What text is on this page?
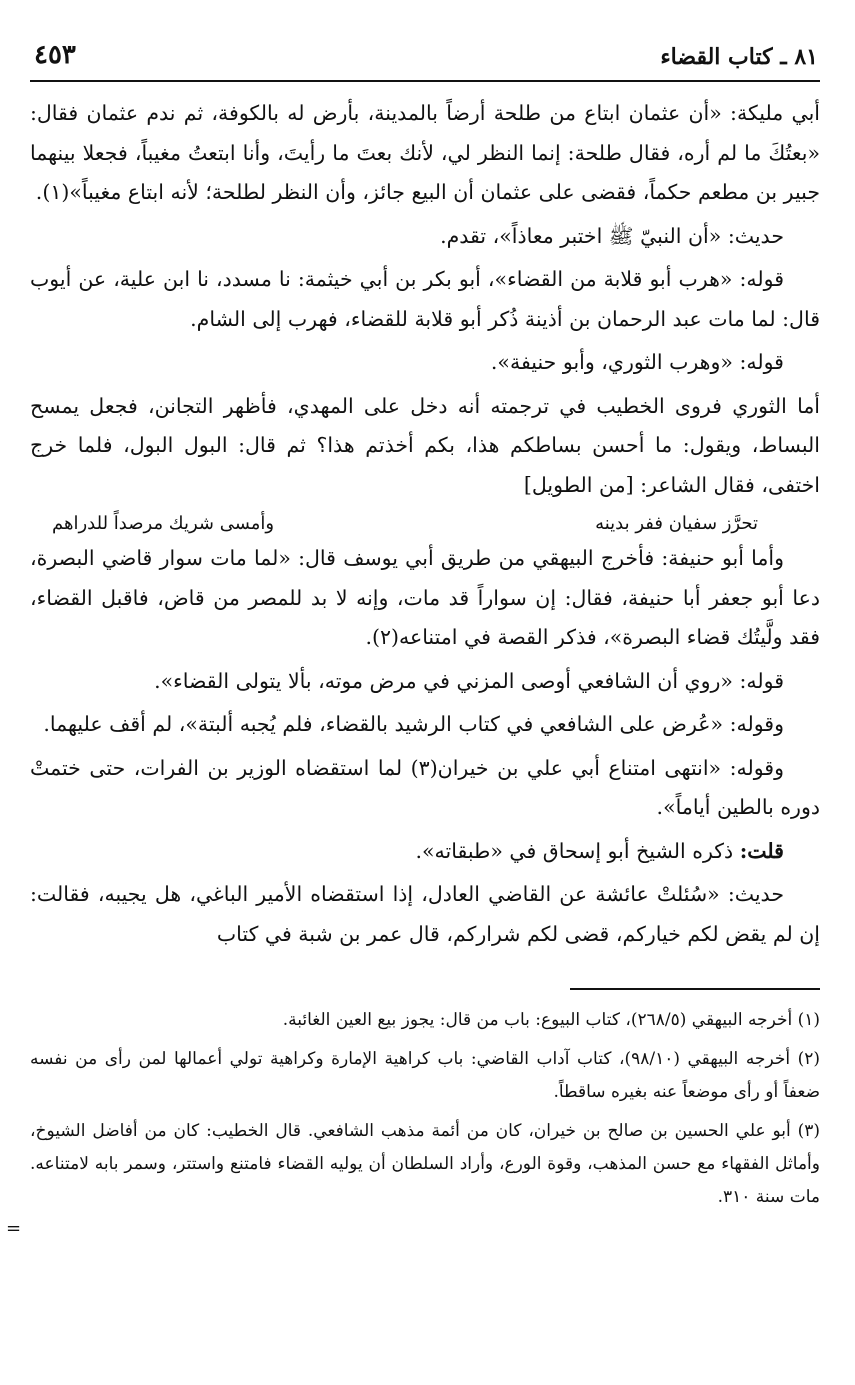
٨١ ـ كتاب القضاء
٤٥٣

أبي مليكة: «أن عثمان ابتاع من طلحة أرضاً بالمدينة، بأرض له بالكوفة، ثم ندم عثمان فقال: «بعتُكَ ما لم أره، فقال طلحة: إنما النظر لي، لأنك بعتَ ما رأيتَ، وأنا ابتعتُ مغيباً، فجعلا بينهما جبير بن مطعم حكماً، فقضى على عثمان أن البيع جائز، وأن النظر لطلحة؛ لأنه ابتاع مغيباً»(١).

حديث: «أن النبيّ ﷺ اختبر معاذاً»، تقدم.

قوله: «هرب أبو قلابة من القضاء»، أبو بكر بن أبي خيثمة: نا مسدد، نا ابن علية، عن أيوب قال: لما مات عبد الرحمان بن أذينة ذُكر أبو قلابة للقضاء، فهرب إلى الشام.

قوله: «وهرب الثوري، وأبو حنيفة».

أما الثوري فروى الخطيب في ترجمته أنه دخل على المهدي، فأظهر التجانن، فجعل يمسح البساط، ويقول: ما أحسن بساطكم هذا، بكم أخذتم هذا؟ ثم قال: البول البول، فلما خرج اختفى، فقال الشاعر: [من الطويل]

تحرَّز سفيان ففر بدينه
وأمسى شريك مرصداً للدراهم

وأما أبو حنيفة: فأخرج البيهقي من طريق أبي يوسف قال: «لما مات سوار قاضي البصرة، دعا أبو جعفر أبا حنيفة، فقال: إن سواراً قد مات، وإنه لا بد للمصر من قاض، فاقبل القضاء، فقد ولَّيتُك قضاء البصرة»، فذكر القصة في امتناعه(٢).

قوله: «روي أن الشافعي أوصى المزني في مرض موته، بألا يتولى القضاء».

وقوله: «عُرض على الشافعي في كتاب الرشيد بالقضاء، فلم يُجبه ألبتة»، لم أقف عليهما.

وقوله: «انتهى امتناع أبي علي بن خيران(٣) لما استقضاه الوزير بن الفرات، حتى ختمتْ دوره بالطين أياماً».

قلت: ذكره الشيخ أبو إسحاق في «طبقاته».

حديث: «سُئلتْ عائشة عن القاضي العادل، إذا استقضاه الأمير الباغي، هل يجيبه، فقالت: إن لم يقض لكم خياركم، قضى لكم شراركم، قال عمر بن شبة في كتاب

(١) أخرجه البيهقي (٢٦٨/٥)، كتاب البيوع: باب من قال: يجوز بيع العين الغائبة.

(٢) أخرجه البيهقي (٩٨/١٠)، كتاب آداب القاضي: باب كراهية الإمارة وكراهية تولي أعمالها لمن رأى من نفسه ضعفاً أو رأى موضعاً عنه بغيره ساقطاً.

(٣) أبو علي الحسين بن صالح بن خيران، كان من أئمة مذهب الشافعي. قال الخطيب: كان من أفاضل الشيوخ، وأماثل الفقهاء مع حسن المذهب، وقوة الورع، وأراد السلطان أن يوليه القضاء فامتنع واستتر، وسمر بابه لامتناعه. مات سنة ٣١٠.

=
